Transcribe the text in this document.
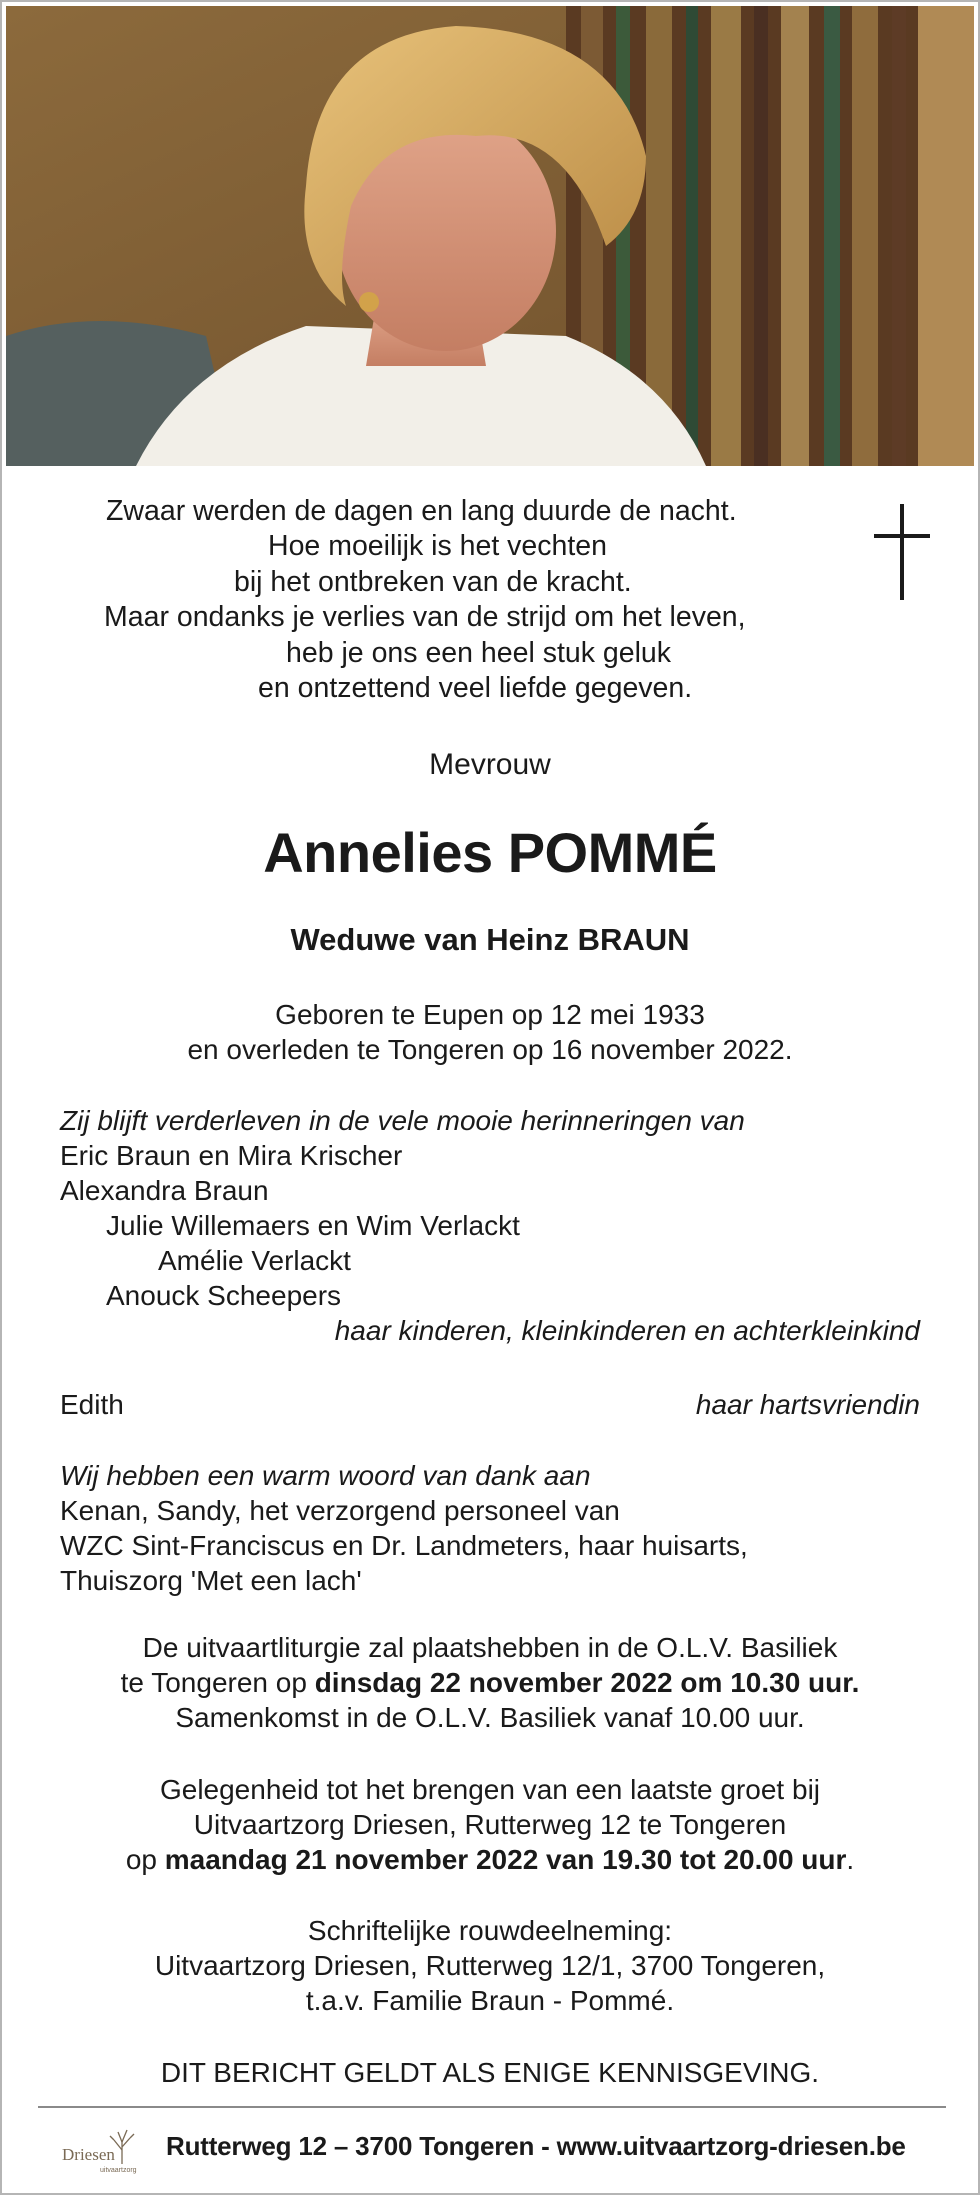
Zwaar werden de dagen en lang duurde de nacht.
Hoe moeilijk is het vechten
bij het ontbreken van de kracht.
Maar ondanks je verlies van de strijd om het leven,
heb je ons een heel stuk geluk
en ontzettend veel liefde gegeven.
Mevrouw
Annelies POMMÉ
Weduwe van Heinz BRAUN
Geboren te Eupen op 12 mei 1933
en overleden te Tongeren op 16 november 2022.
Zij blijft verderleven in de vele mooie herinneringen van
Eric Braun en Mira Krischer
Alexandra Braun
Julie Willemaers en Wim Verlackt
Amélie Verlackt
Anouck Scheepers
haar kinderen, kleinkinderen en achterkleinkind
Edith	haar hartsvriendin
Wij hebben een warm woord van dank aan
Kenan, Sandy, het verzorgend personeel van
WZC Sint-Franciscus en Dr. Landmeters, haar huisarts,
Thuiszorg 'Met een lach'
De uitvaartliturgie zal plaatshebben in de O.L.V. Basiliek
te Tongeren op dinsdag 22 november 2022 om 10.30 uur.
Samenkomst in de O.L.V. Basiliek vanaf 10.00 uur.
Gelegenheid tot het brengen van een laatste groet bij
Uitvaartzorg Driesen, Rutterweg 12 te Tongeren
op maandag 21 november 2022 van 19.30 tot 20.00 uur.
Schriftelijke rouwdeelneming:
Uitvaartzorg Driesen, Rutterweg 12/1, 3700 Tongeren,
t.a.v. Familie Braun - Pommé.
DIT BERICHT GELDT ALS ENIGE KENNISGEVING.
Driesen
uitvaartzorg
Rutterweg 12 – 3700 Tongeren - www.uitvaartzorg-driesen.be
